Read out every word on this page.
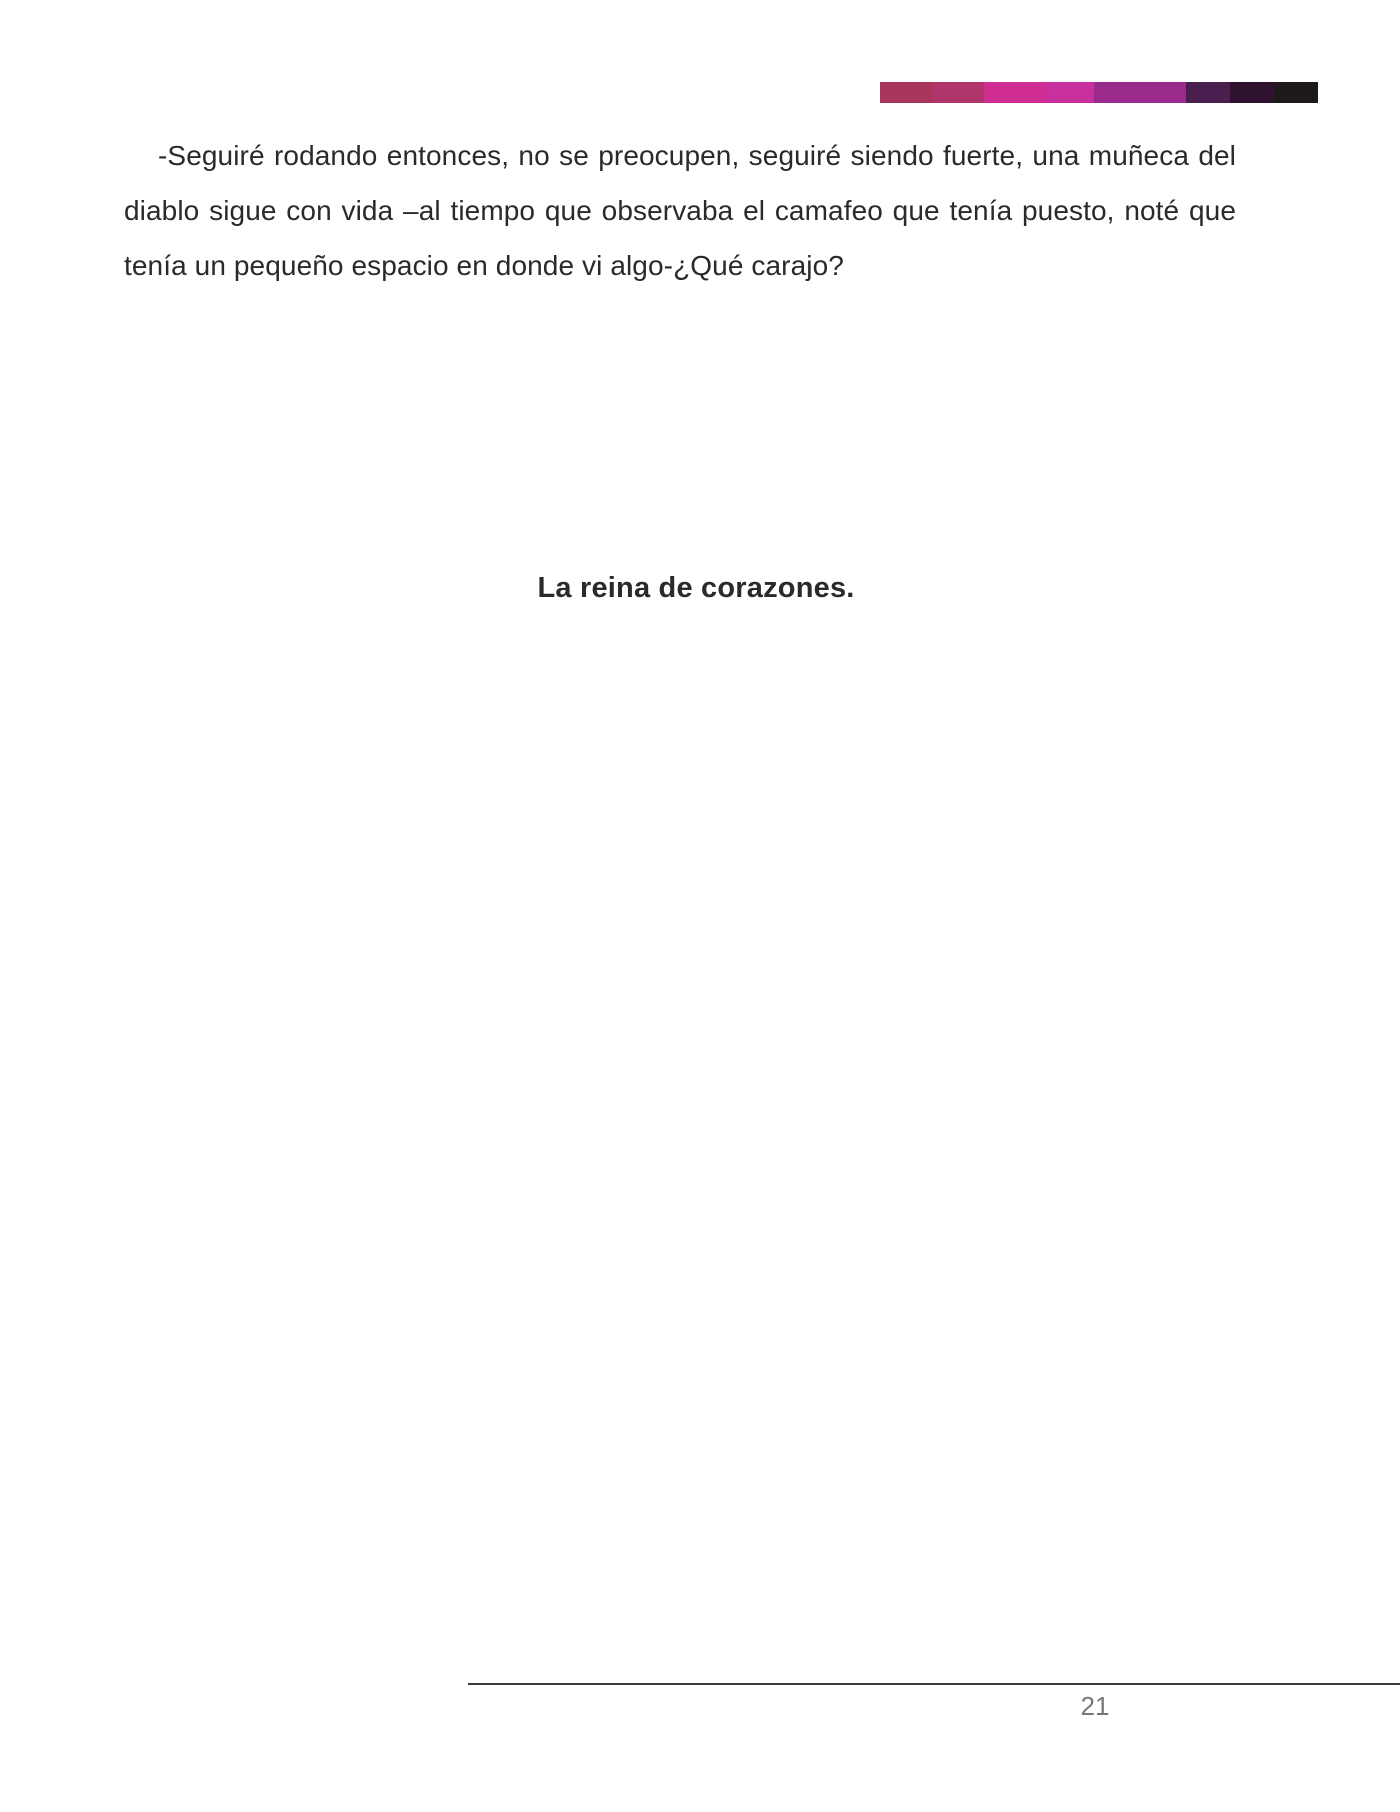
-Seguiré rodando entonces, no se preocupen, seguiré siendo fuerte, una muñeca del diablo sigue con vida –al tiempo que observaba el camafeo que tenía puesto, noté que tenía un pequeño espacio en donde vi algo-¿Qué carajo?

La reina de corazones.
21
